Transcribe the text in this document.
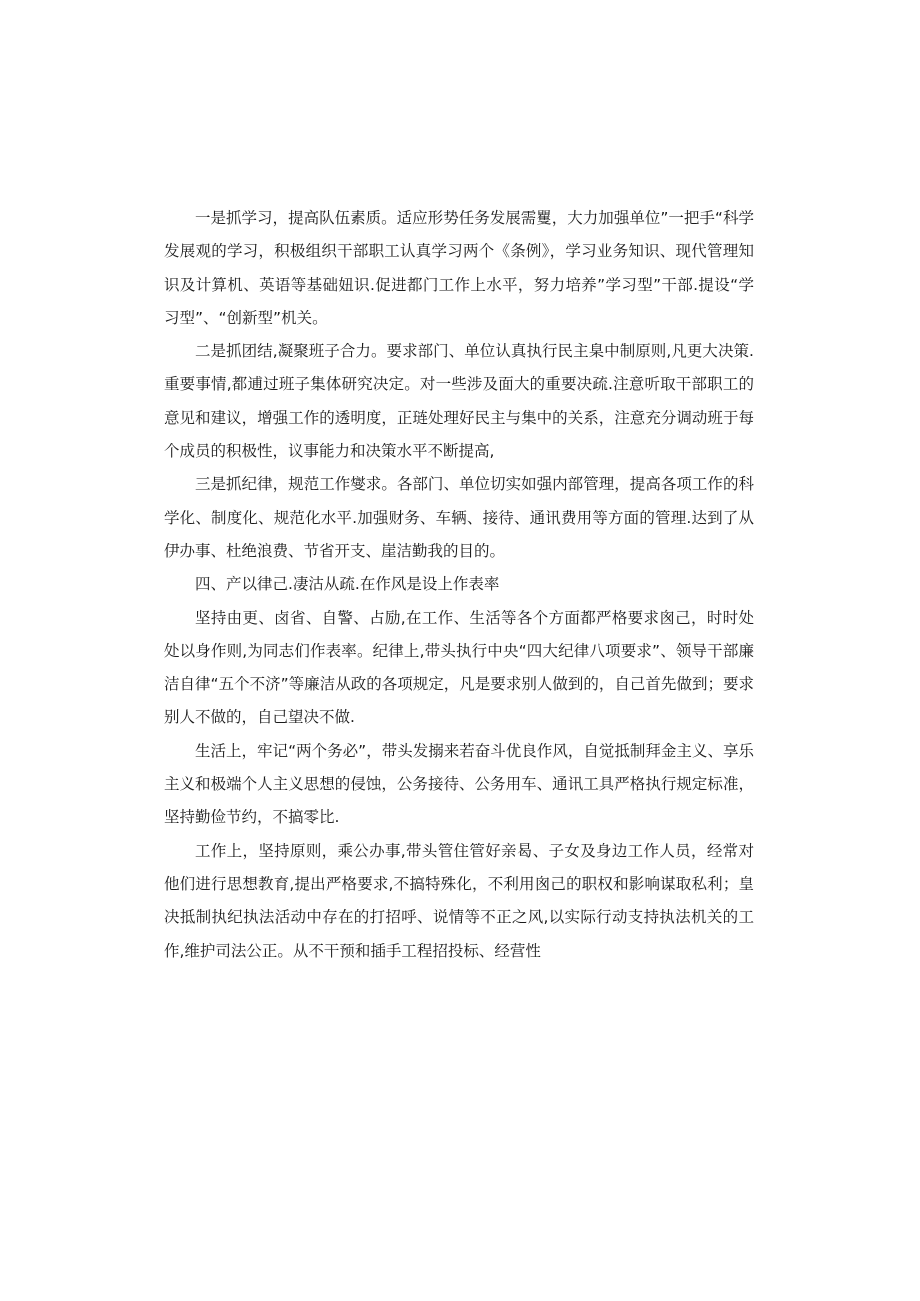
一是抓学习，提高队伍素质。适应形势任务发展需矍，大力加强单位”一把手“科学发展观的学习，积极组织干部职工认真学习两个《条例》，学习业务知识、现代管理知识及计算机、英语等基础妞识.促进都门工作上水平，努力培养”学习型”干部.提设“学习型”、“创新型”机关。

二是抓团结,凝聚班子合力。要求部门、单位认真执行民主臬中制原则,凡更大决策.重要事情,都逋过班子集体研究决定。对一些涉及面大的重要决疏.注意听取干部职工的意见和建议，增强工作的透明度，正琏处理好民主与集中的关系，注意充分调动班于每个成员的积极性，议事能力和决策水平不断提高,

三是抓纪律，规范工作燮求。各部门、单位切实如强内部管理，提高各项工作的科学化、制度化、规范化水平.加强财务、车辆、接待、通讯费用等方面的管理.达到了从伊办事、杜绝浪费、节省开支、崖洁勤我的目的。

四、产以律己.凄沽从疏.在作风是设上作表率

坚持由更、卤省、自警、占励,在工作、生活等各个方面都严格要求囪己，时时处处以身作则,为同志们作表率。纪律上,带头执行中央“四大纪律八项要求”、领导干部廉洁自律“五个不济”等廉洁从政的各项规定，凡是要求别人做到的，自己首先做到；要求别人不做的，自己望决不做.

生活上，牢记“两个务必”，带头发搦来若奋斗优良作风，自觉抵制拜金主义、享乐主义和极端个人主义思想的侵蚀，公务接待、公务用车、通讯工具严格执行规定标准，坚持勤俭节约，不搞零比.

工作上，坚持原则，乘公办事,带头管住管好亲曷、子女及身边工作人员，经常对他们进行思想教育,提出严格要求,不搞特殊化，不利用囪己的职权和影响谋取私利；皇决抵制执纪执法活动中存在的打招呼、说情等不正之风,以实际行动支持执法机关的工作,维护司法公正。从不干预和插手工程招投标、经营性
